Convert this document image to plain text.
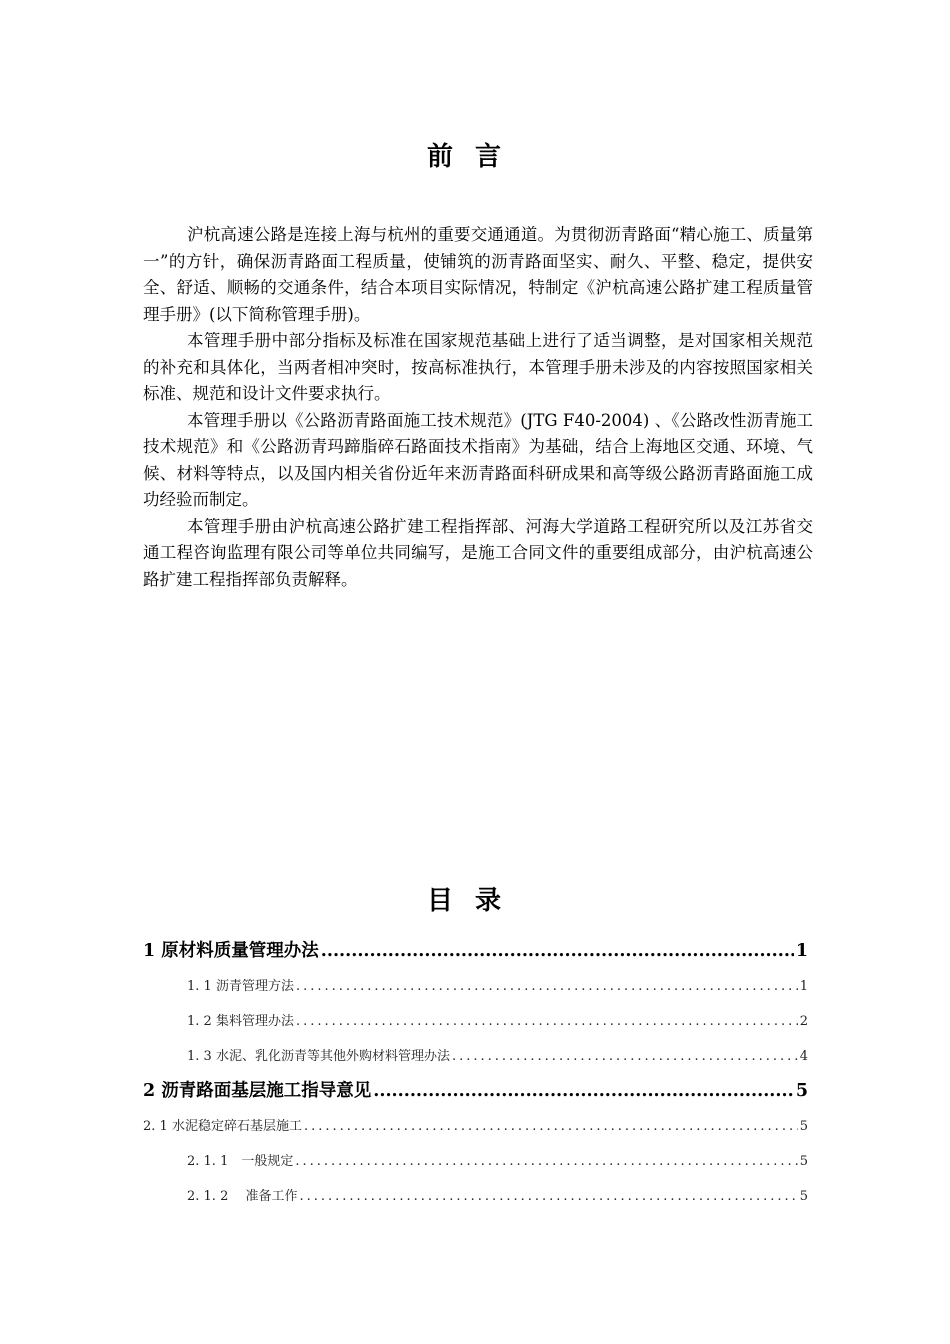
前言

沪杭高速公路是连接上海与杭州的重要交通通道。为贯彻沥青路面“精心施工、质量第一”的方针，确保沥青路面工程质量，使铺筑的沥青路面坚实、耐久、平整、稳定，提供安全、舒适、顺畅的交通条件，结合本项目实际情况，特制定《沪杭高速公路扩建工程质量管理手册》(以下简称管理手册)。

本管理手册中部分指标及标准在国家规范基础上进行了适当调整，是对国家相关规范的补充和具体化，当两者相冲突时，按高标准执行，本管理手册未涉及的内容按照国家相关标准、规范和设计文件要求执行。

本管理手册以《公路沥青路面施工技术规范》(JTG F40-2004) 、《公路改性沥青施工技术规范》和《公路沥青玛蹄脂碎石路面技术指南》为基础，结合上海地区交通、环境、气候、材料等特点，以及国内相关省份近年来沥青路面科研成果和高等级公路沥青路面施工成功经验而制定。

本管理手册由沪杭高速公路扩建工程指挥部、河海大学道路工程研究所以及江苏省交通工程咨询监理有限公司等单位共同编写，是施工合同文件的重要组成部分，由沪杭高速公路扩建工程指挥部负责解释。

目录
1 原材料质量管理办法 .....	1
1. 1 沥青管理方法 .....	1
1. 2 集料管理办法 .....	2
1. 3 水泥、乳化沥青等其他外购材料管理办法 .....	4
2 沥青路面基层施工指导意见 .....	5
2. 1 水泥稳定碎石基层施工 .....	5
2. 1. 1　一般规定 .....	5
2. 1. 2　 准备工作 .....	5
